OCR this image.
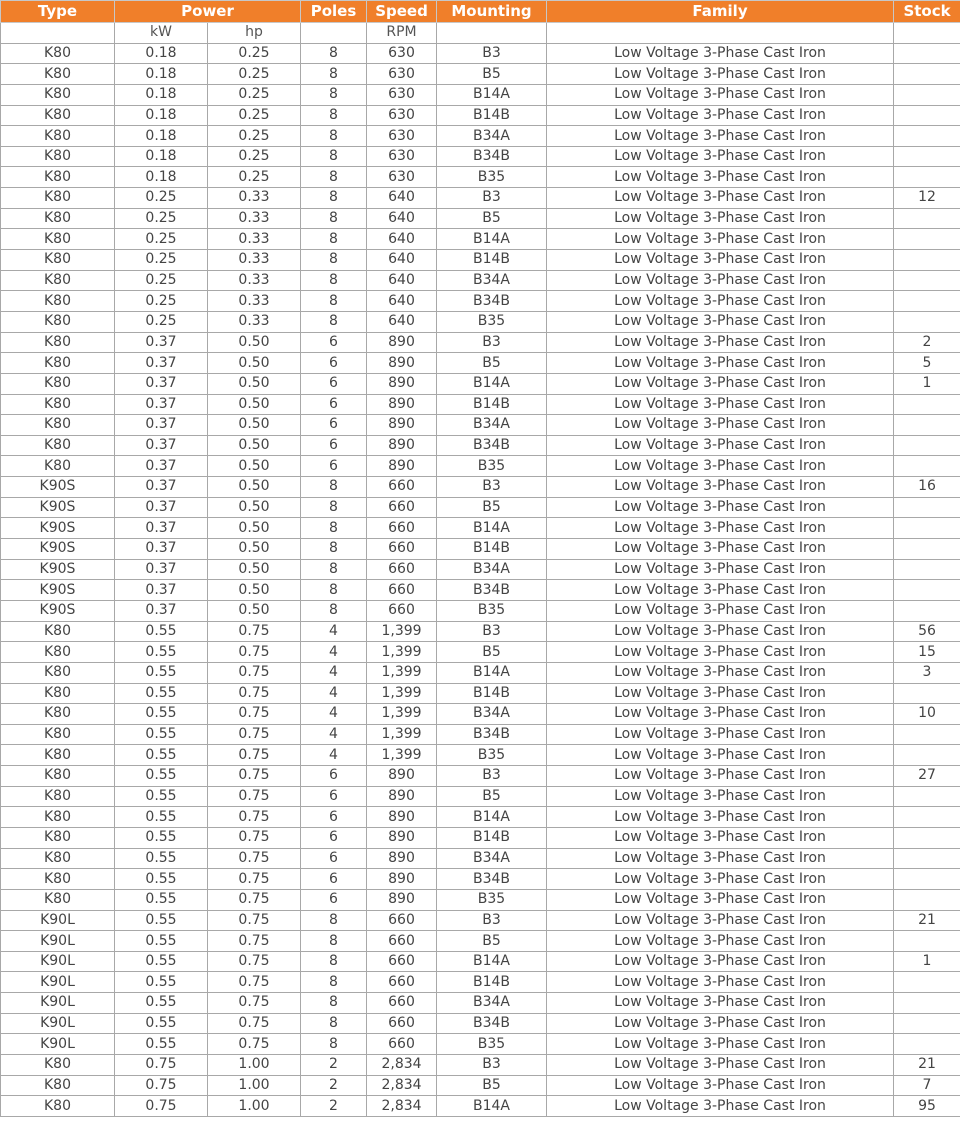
Type	Power		Poles	Speed	Mounting	Family	Stock
	kW	hp		RPM			
K80	0.18	0.25	8	630	B3	Low Voltage 3-Phase Cast Iron	
K80	0.18	0.25	8	630	B5	Low Voltage 3-Phase Cast Iron	
K80	0.18	0.25	8	630	B14A	Low Voltage 3-Phase Cast Iron	
K80	0.18	0.25	8	630	B14B	Low Voltage 3-Phase Cast Iron	
K80	0.18	0.25	8	630	B34A	Low Voltage 3-Phase Cast Iron	
K80	0.18	0.25	8	630	B34B	Low Voltage 3-Phase Cast Iron	
K80	0.18	0.25	8	630	B35	Low Voltage 3-Phase Cast Iron	
K80	0.25	0.33	8	640	B3	Low Voltage 3-Phase Cast Iron	12
K80	0.25	0.33	8	640	B5	Low Voltage 3-Phase Cast Iron	
K80	0.25	0.33	8	640	B14A	Low Voltage 3-Phase Cast Iron	
K80	0.25	0.33	8	640	B14B	Low Voltage 3-Phase Cast Iron	
K80	0.25	0.33	8	640	B34A	Low Voltage 3-Phase Cast Iron	
K80	0.25	0.33	8	640	B34B	Low Voltage 3-Phase Cast Iron	
K80	0.25	0.33	8	640	B35	Low Voltage 3-Phase Cast Iron	
K80	0.37	0.50	6	890	B3	Low Voltage 3-Phase Cast Iron	2
K80	0.37	0.50	6	890	B5	Low Voltage 3-Phase Cast Iron	5
K80	0.37	0.50	6	890	B14A	Low Voltage 3-Phase Cast Iron	1
K80	0.37	0.50	6	890	B14B	Low Voltage 3-Phase Cast Iron	
K80	0.37	0.50	6	890	B34A	Low Voltage 3-Phase Cast Iron	
K80	0.37	0.50	6	890	B34B	Low Voltage 3-Phase Cast Iron	
K80	0.37	0.50	6	890	B35	Low Voltage 3-Phase Cast Iron	
K90S	0.37	0.50	8	660	B3	Low Voltage 3-Phase Cast Iron	16
K90S	0.37	0.50	8	660	B5	Low Voltage 3-Phase Cast Iron	
K90S	0.37	0.50	8	660	B14A	Low Voltage 3-Phase Cast Iron	
K90S	0.37	0.50	8	660	B14B	Low Voltage 3-Phase Cast Iron	
K90S	0.37	0.50	8	660	B34A	Low Voltage 3-Phase Cast Iron	
K90S	0.37	0.50	8	660	B34B	Low Voltage 3-Phase Cast Iron	
K90S	0.37	0.50	8	660	B35	Low Voltage 3-Phase Cast Iron	
K80	0.55	0.75	4	1,399	B3	Low Voltage 3-Phase Cast Iron	56
K80	0.55	0.75	4	1,399	B5	Low Voltage 3-Phase Cast Iron	15
K80	0.55	0.75	4	1,399	B14A	Low Voltage 3-Phase Cast Iron	3
K80	0.55	0.75	4	1,399	B14B	Low Voltage 3-Phase Cast Iron	
K80	0.55	0.75	4	1,399	B34A	Low Voltage 3-Phase Cast Iron	10
K80	0.55	0.75	4	1,399	B34B	Low Voltage 3-Phase Cast Iron	
K80	0.55	0.75	4	1,399	B35	Low Voltage 3-Phase Cast Iron	
K80	0.55	0.75	6	890	B3	Low Voltage 3-Phase Cast Iron	27
K80	0.55	0.75	6	890	B5	Low Voltage 3-Phase Cast Iron	
K80	0.55	0.75	6	890	B14A	Low Voltage 3-Phase Cast Iron	
K80	0.55	0.75	6	890	B14B	Low Voltage 3-Phase Cast Iron	
K80	0.55	0.75	6	890	B34A	Low Voltage 3-Phase Cast Iron	
K80	0.55	0.75	6	890	B34B	Low Voltage 3-Phase Cast Iron	
K80	0.55	0.75	6	890	B35	Low Voltage 3-Phase Cast Iron	
K90L	0.55	0.75	8	660	B3	Low Voltage 3-Phase Cast Iron	21
K90L	0.55	0.75	8	660	B5	Low Voltage 3-Phase Cast Iron	
K90L	0.55	0.75	8	660	B14A	Low Voltage 3-Phase Cast Iron	1
K90L	0.55	0.75	8	660	B14B	Low Voltage 3-Phase Cast Iron	
K90L	0.55	0.75	8	660	B34A	Low Voltage 3-Phase Cast Iron	
K90L	0.55	0.75	8	660	B34B	Low Voltage 3-Phase Cast Iron	
K90L	0.55	0.75	8	660	B35	Low Voltage 3-Phase Cast Iron	
K80	0.75	1.00	2	2,834	B3	Low Voltage 3-Phase Cast Iron	21
K80	0.75	1.00	2	2,834	B5	Low Voltage 3-Phase Cast Iron	7
K80	0.75	1.00	2	2,834	B14A	Low Voltage 3-Phase Cast Iron	95
